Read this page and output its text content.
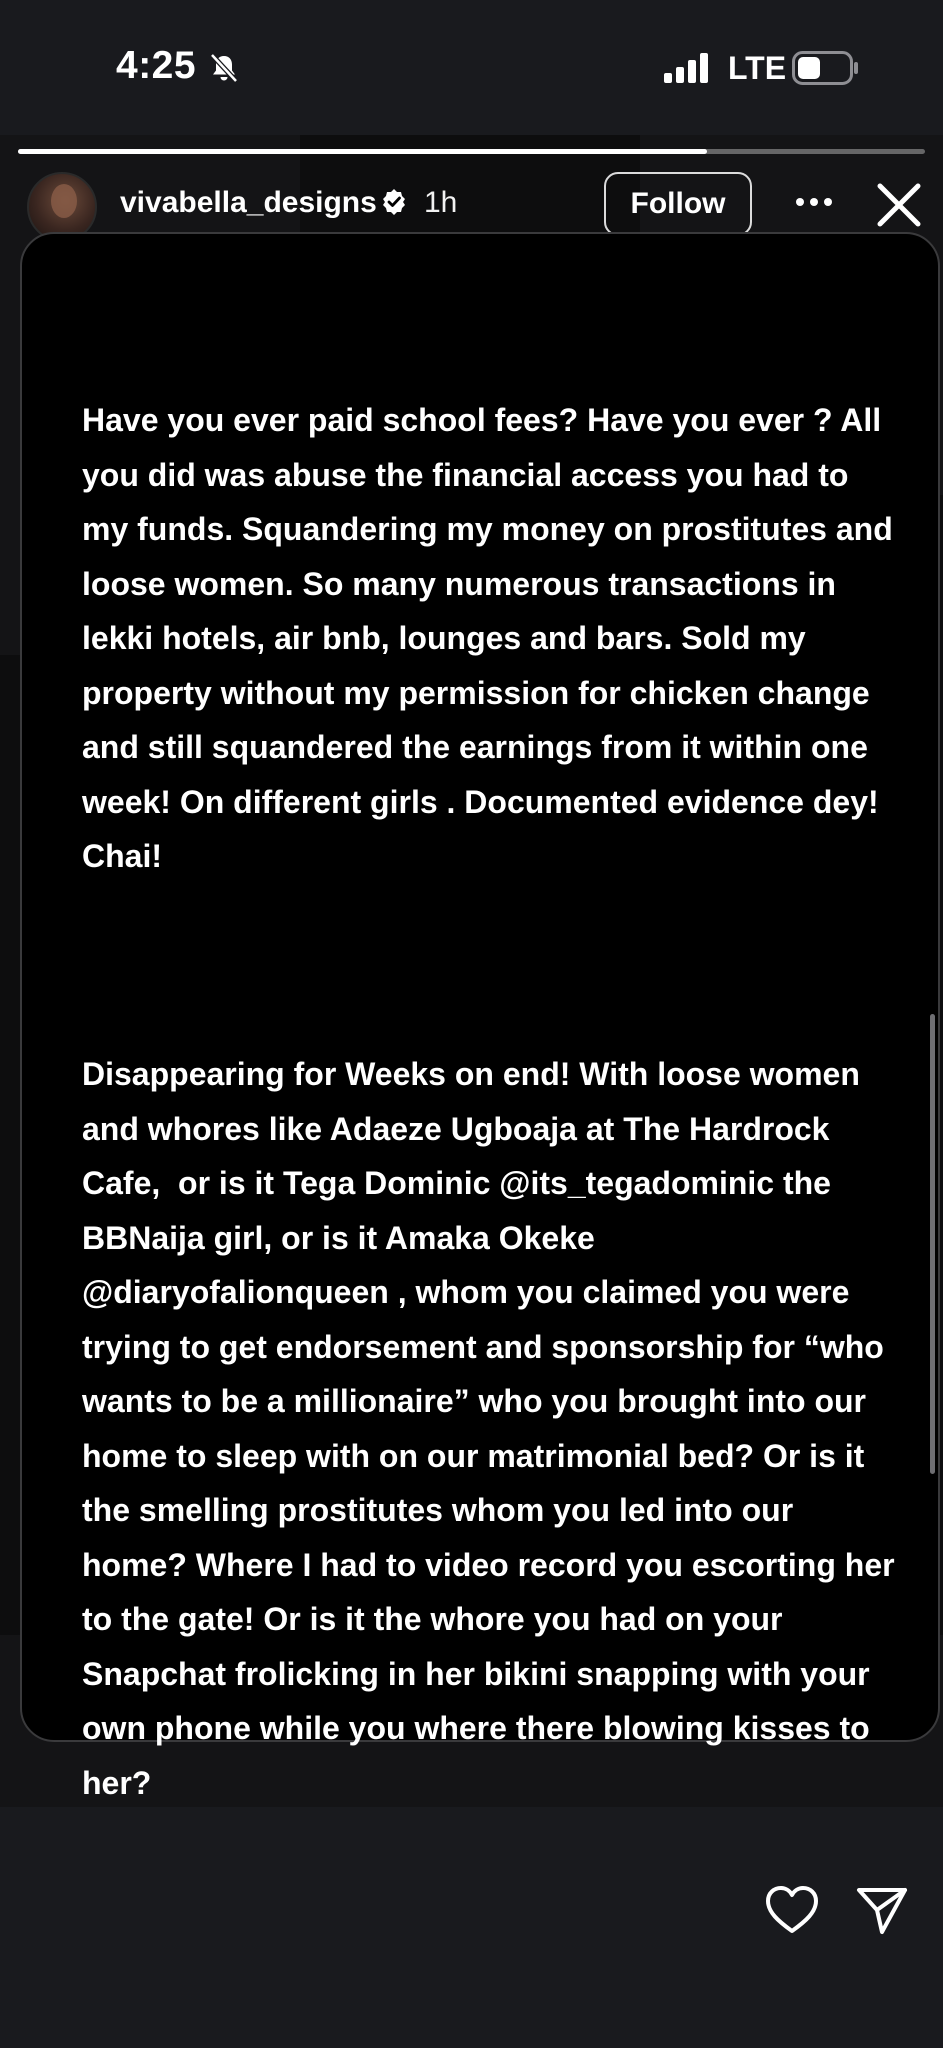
4:25	LTE
vivabella_designs 1h	Follow

Have you ever paid school fees? Have you ever ? All you did was abuse the financial access you had to my funds. Squandering my money on prostitutes and loose women. So many numerous transactions in lekki hotels, air bnb, lounges and bars. Sold my property without my permission for chicken change and still squandered the earnings from it within one week! On different girls . Documented evidence dey! Chai!

Disappearing for Weeks on end! With loose women and whores like Adaeze Ugboaja at The Hardrock Cafe,  or is it Tega Dominic @its_tegadominic the BBNaija girl, or is it Amaka Okeke @diaryofalionqueen , whom you claimed you were trying to get endorsement and sponsorship for “who wants to be a millionaire” who you brought into our home to sleep with on our matrimonial bed? Or is it the smelling prostitutes whom you led into our home? Where I had to video record you escorting her to the gate! Or is it the whore you had on your Snapchat frolicking in her bikini snapping with your own phone while you where there blowing kisses to her?
